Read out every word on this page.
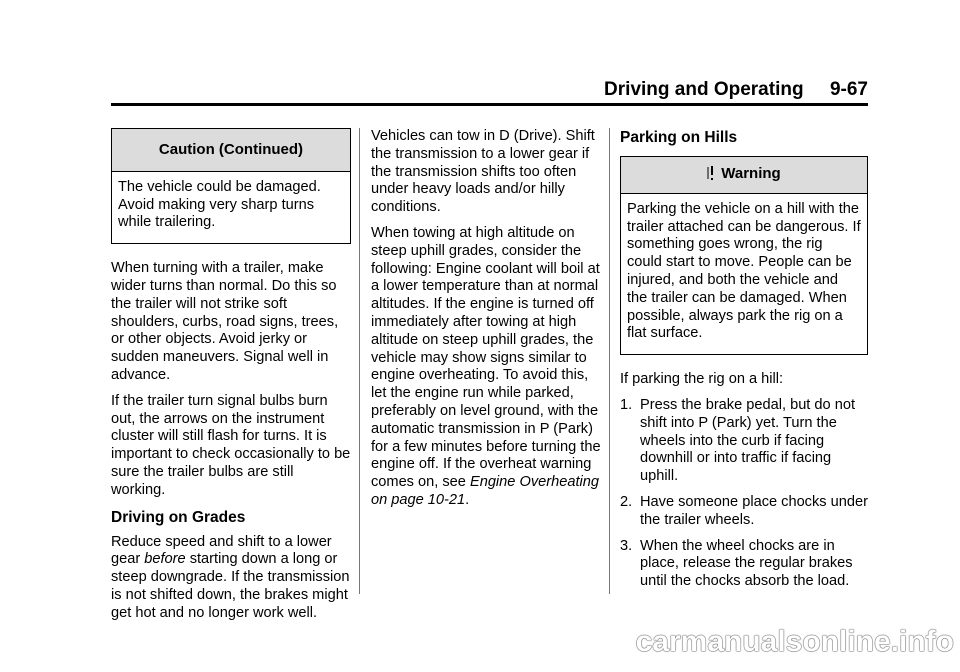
Driving and Operating     9-67
Caution (Continued)

The vehicle could be damaged. Avoid making very sharp turns while trailering.

When turning with a trailer, make wider turns than normal. Do this so the trailer will not strike soft shoulders, curbs, road signs, trees, or other objects. Avoid jerky or sudden maneuvers. Signal well in advance.

If the trailer turn signal bulbs burn out, the arrows on the instrument cluster will still flash for turns. It is important to check occasionally to be sure the trailer bulbs are still working.

Driving on Grades

Reduce speed and shift to a lower gear before starting down a long or steep downgrade. If the transmission is not shifted down, the brakes might get hot and no longer work well.

Vehicles can tow in D (Drive). Shift the transmission to a lower gear if the transmission shifts too often under heavy loads and/or hilly conditions.

When towing at high altitude on steep uphill grades, consider the following: Engine coolant will boil at a lower temperature than at normal altitudes. If the engine is turned off immediately after towing at high altitude on steep uphill grades, the vehicle may show signs similar to engine overheating. To avoid this, let the engine run while parked, preferably on level ground, with the automatic transmission in P (Park) for a few minutes before turning the engine off. If the overheat warning comes on, see Engine Overheating on page 10-21.

Parking on Hills
Warning

Parking the vehicle on a hill with the trailer attached can be dangerous. If something goes wrong, the rig could start to move. People can be injured, and both the vehicle and the trailer can be damaged. When possible, always park the rig on a flat surface.

If parking the rig on a hill:

1. Press the brake pedal, but do not shift into P (Park) yet. Turn the wheels into the curb if facing downhill or into traffic if facing uphill.
2. Have someone place chocks under the trailer wheels.
3. When the wheel chocks are in place, release the regular brakes until the chocks absorb the load.
carmanualsonline.info
